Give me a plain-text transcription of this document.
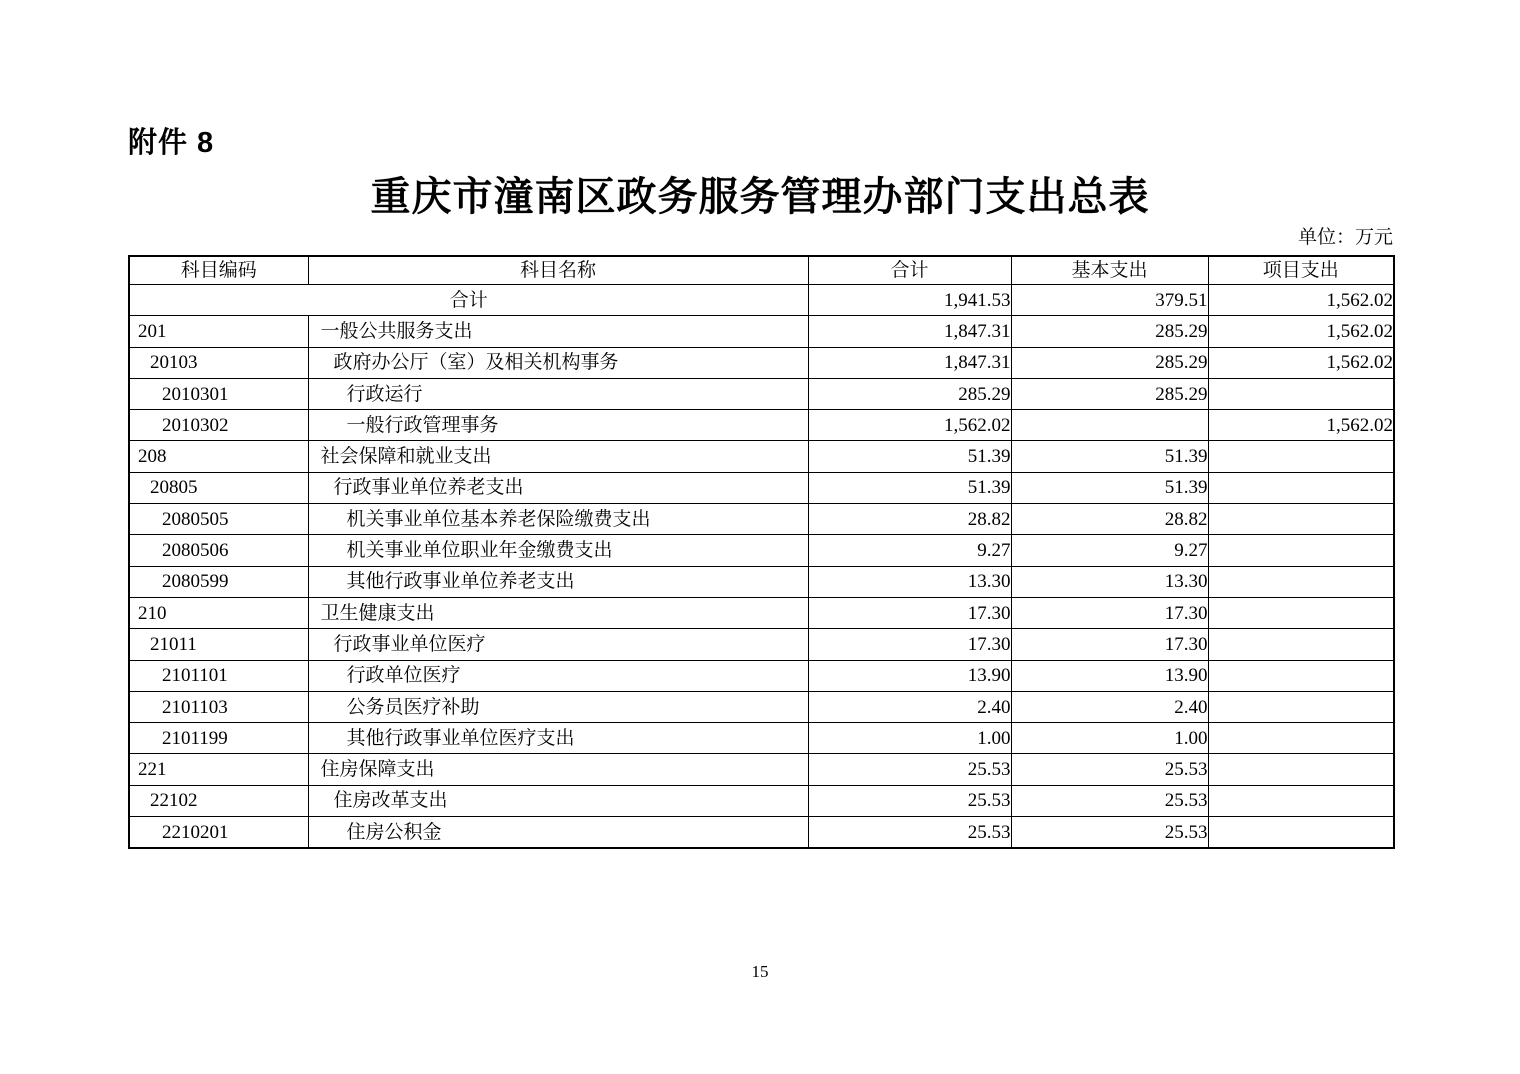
附件 8
重庆市潼南区政务服务管理办部门支出总表
单位：万元
科目编码	科目名称	合计	基本支出	项目支出
合计		1,941.53	379.51	1,562.02
201	一般公共服务支出	1,847.31	285.29	1,562.02
20103	政府办公厅（室）及相关机构事务	1,847.31	285.29	1,562.02
2010301	行政运行	285.29	285.29	
2010302	一般行政管理事务	1,562.02		1,562.02
208	社会保障和就业支出	51.39	51.39	
20805	行政事业单位养老支出	51.39	51.39	
2080505	机关事业单位基本养老保险缴费支出	28.82	28.82	
2080506	机关事业单位职业年金缴费支出	9.27	9.27	
2080599	其他行政事业单位养老支出	13.30	13.30	
210	卫生健康支出	17.30	17.30	
21011	行政事业单位医疗	17.30	17.30	
2101101	行政单位医疗	13.90	13.90	
2101103	公务员医疗补助	2.40	2.40	
2101199	其他行政事业单位医疗支出	1.00	1.00	
221	住房保障支出	25.53	25.53	
22102	住房改革支出	25.53	25.53	
2210201	住房公积金	25.53	25.53	
15
